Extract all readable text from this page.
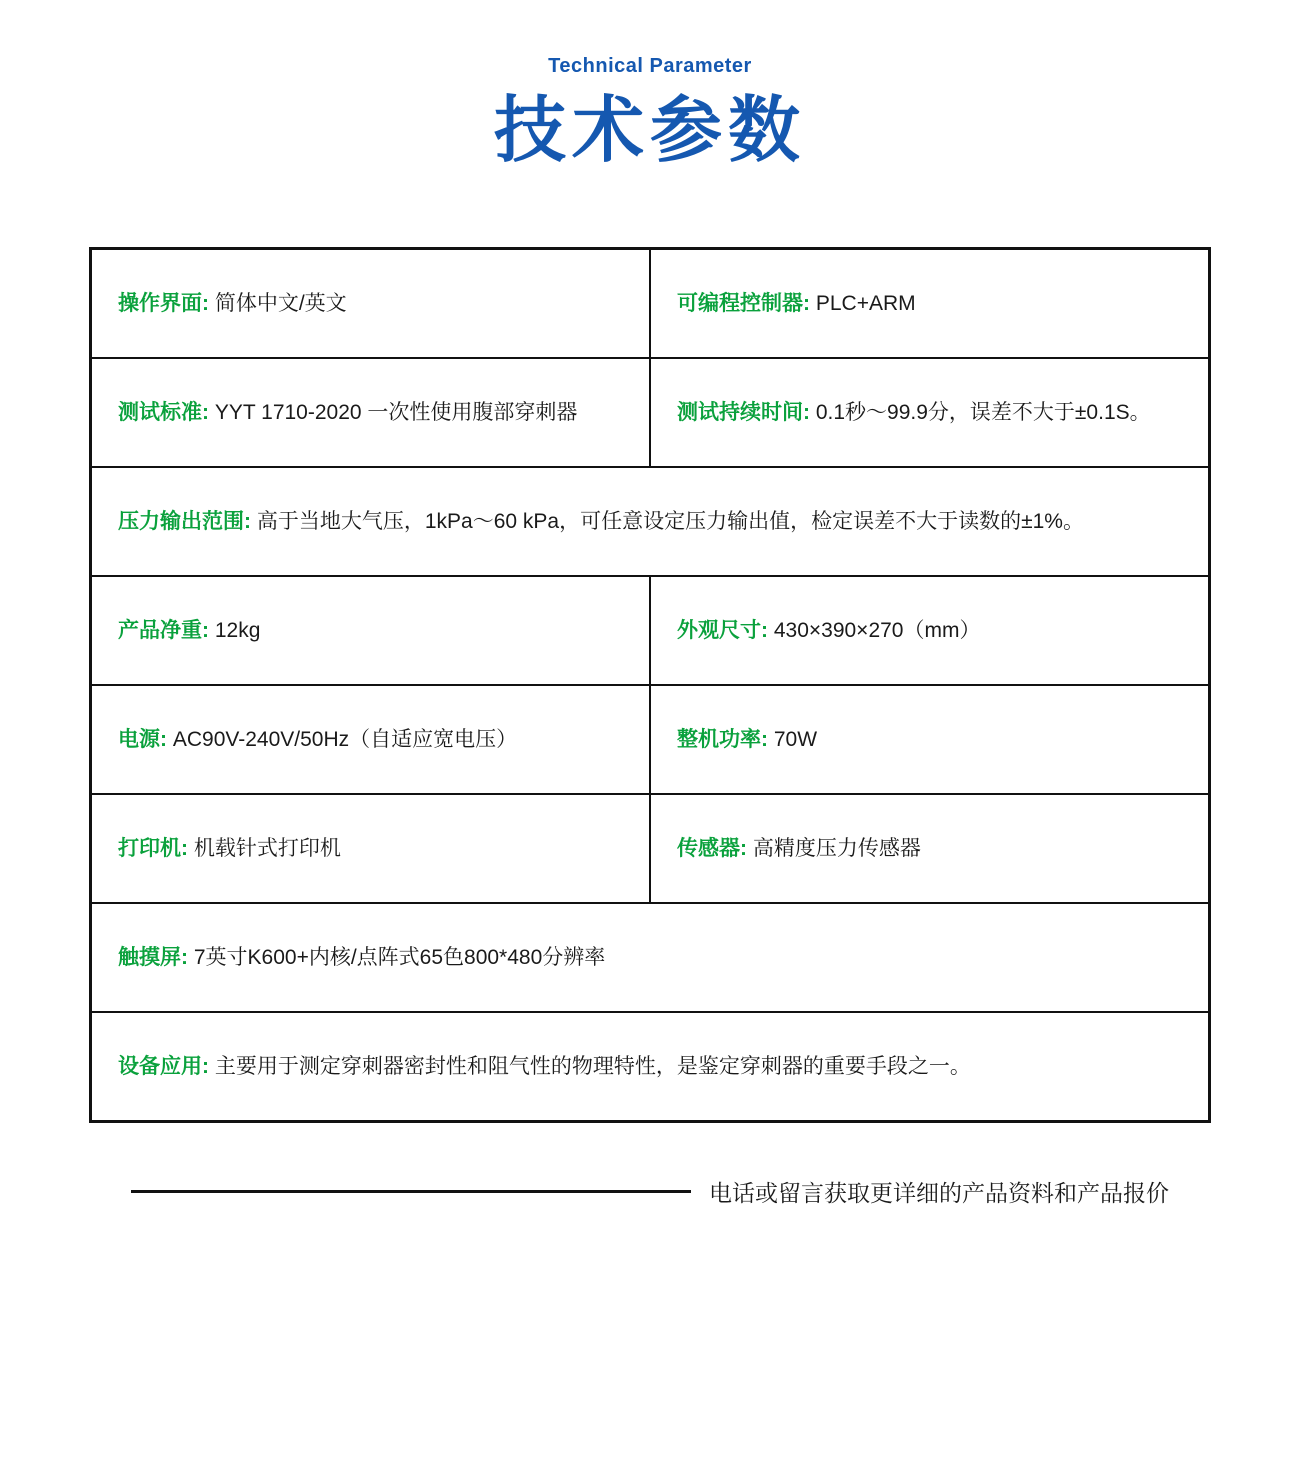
Technical Parameter
技术参数
操作界面: 简体中文/英文	可编程控制器: PLC+ARM

测试标准: YYT 1710-2020 一次性使用腹部穿刺器	测试持续时间: 0.1秒～99.9分，误差不大于±0.1S。

压力输出范围: 高于当地大气压，1kPa～60 kPa，可任意设定压力输出值，检定误差不大于读数的±1%。	

产品净重: 12kg	外观尺寸: 430×390×270（mm）

电源: AC90V-240V/50Hz（自适应宽电压）	整机功率: 70W

打印机: 机载针式打印机	传感器: 高精度压力传感器

触摸屏: 7英寸K600+内核/点阵式65色800*480分辨率	

设备应用: 主要用于测定穿刺器密封性和阻气性的物理特性，是鉴定穿刺器的重要手段之一。	
电话或留言获取更详细的产品资料和产品报价
